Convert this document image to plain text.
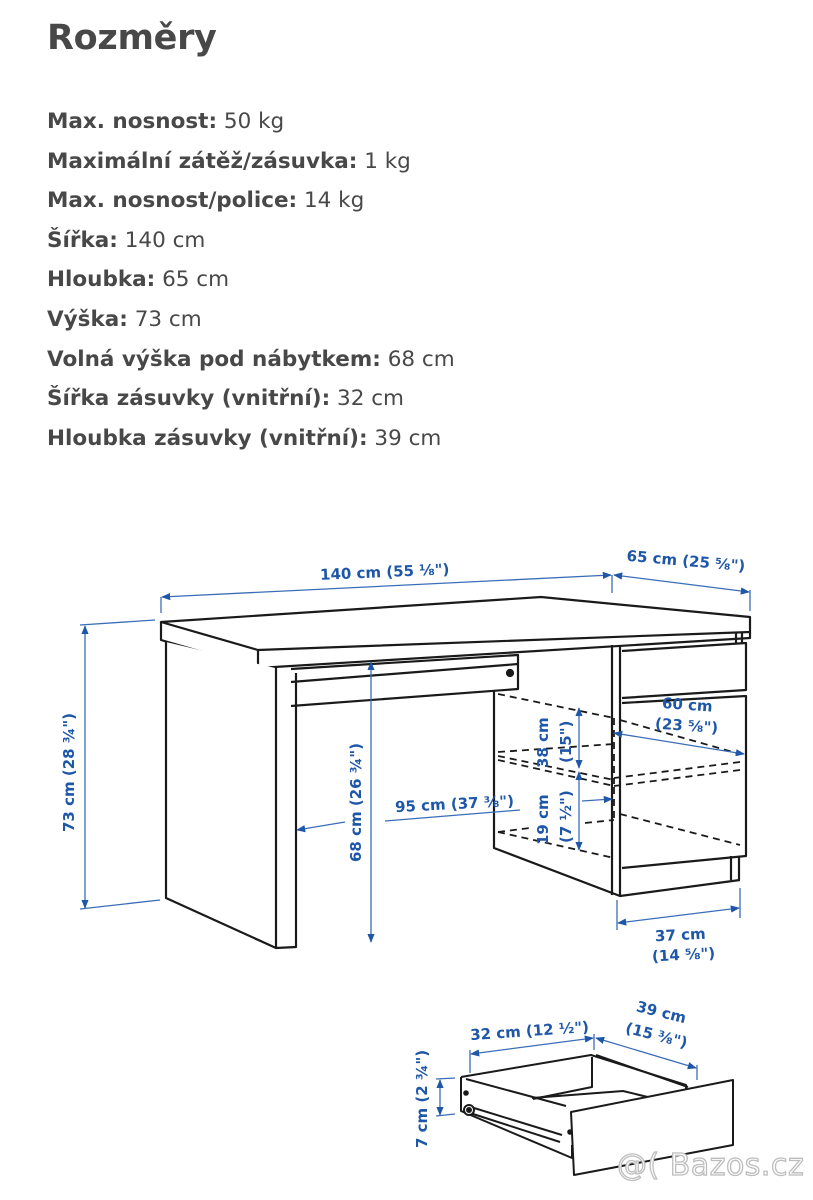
Rozměry
Max. nosnost: 50 kg
Maximální zátěž/zásuvka: 1 kg
Max. nosnost/police: 14 kg
Šířka: 140 cm
Hloubka: 65 cm
Výška: 73 cm
Volná výška pod nábytkem: 68 cm
Šířka zásuvky (vnitřní): 32 cm
Hloubka zásuvky (vnitřní): 39 cm
140 cm (55 ⅛")	65 cm (25 ⅝")
73 cm (28 ¾")	68 cm (26 ¾") 95 cm (37 ⅜")
38 cm (15")
19 cm (7 ½")
60 cm
(23 ⅝")
37 cm
(14 ⅝")
32 cm (12 ½")
39 cm
(15 ⅜")
7 cm (2 ¾")
@( Bazos.cz
